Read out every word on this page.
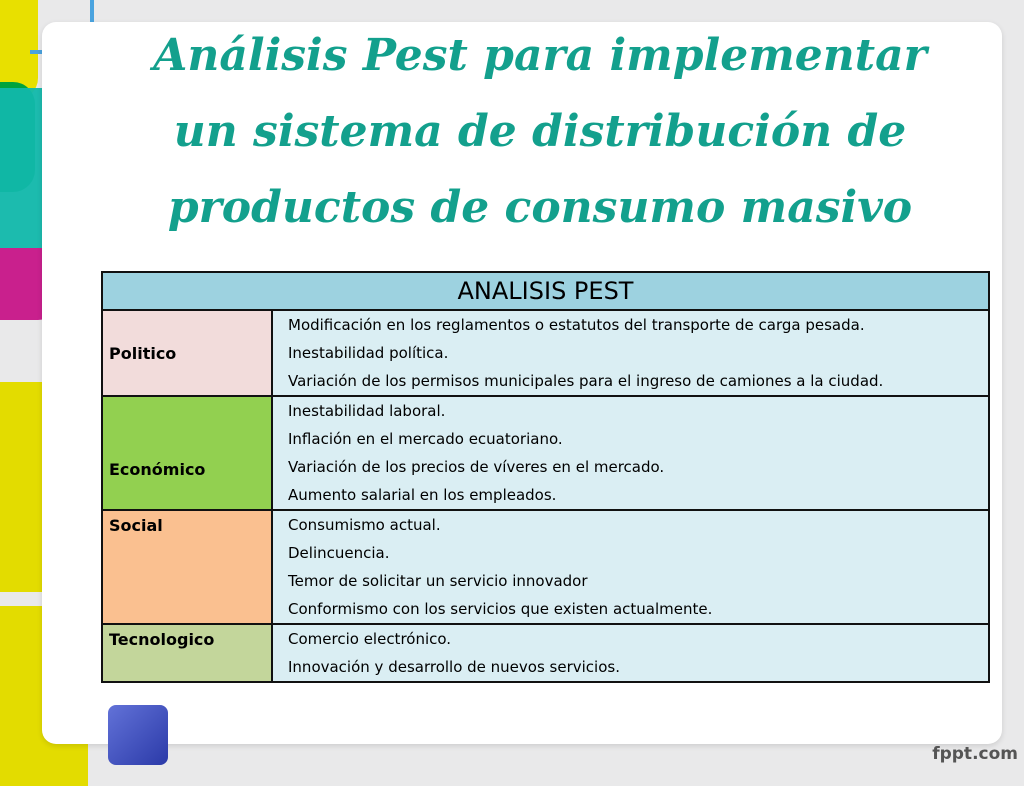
Análisis Pest para implementar
un sistema de distribución de
productos de consumo masivo
ANALISIS PEST	
Politico	Modificación en los reglamentos o estatutos del transporte de carga pesada.
Inestabilidad política.
Variación de los permisos municipales para el ingreso de camiones a la ciudad.

Económico	Inestabilidad laboral.
Inflación en el mercado ecuatoriano.
Variación de los precios de víveres en el mercado.
Aumento salarial en los empleados.

Social	Consumismo actual.
Delincuencia.
Temor de solicitar un servicio innovador
Conformismo con los servicios que existen actualmente.

Tecnologico	Comercio electrónico.
Innovación y desarrollo de nuevos servicios.
fppt.com
